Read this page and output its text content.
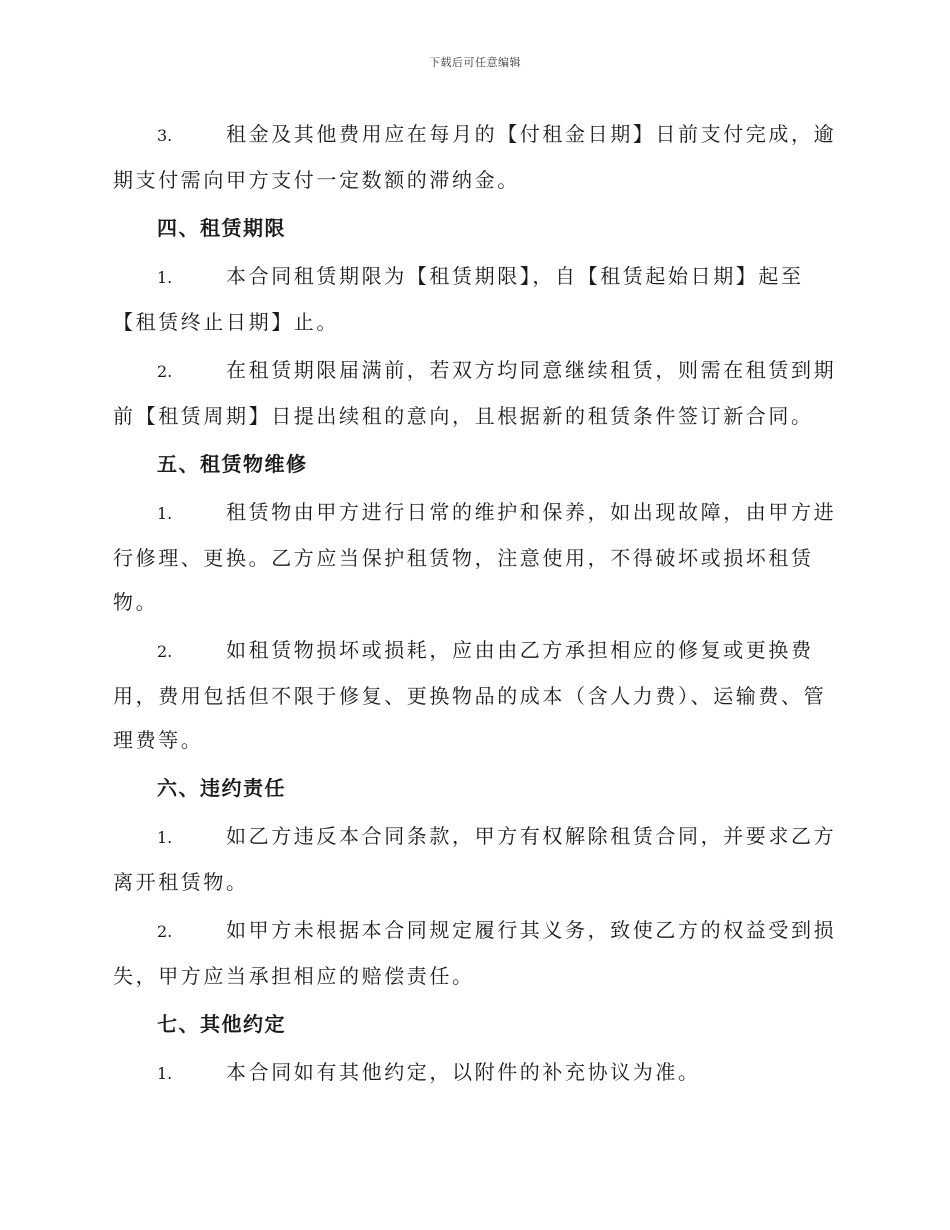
下载后可任意编辑

3.	租金及其他费用应在每月的【付租金日期】日前支付完成，逾期支付需向甲方支付一定数额的滞纳金。

四、租赁期限

1.	本合同租赁期限为【租赁期限】，自【租赁起始日期】起至【租赁终止日期】止。

2.	在租赁期限届满前，若双方均同意继续租赁，则需在租赁到期前【租赁周期】日提出续租的意向，且根据新的租赁条件签订新合同。

五、租赁物维修

1.	租赁物由甲方进行日常的维护和保养，如出现故障，由甲方进行修理、更换。乙方应当保护租赁物，注意使用，不得破坏或损坏租赁物。

2.	如租赁物损坏或损耗，应由由乙方承担相应的修复或更换费用，费用包括但不限于修复、更换物品的成本（含人力费）、运输费、管理费等。

六、违约责任

1.	如乙方违反本合同条款，甲方有权解除租赁合同，并要求乙方离开租赁物。

2.	如甲方未根据本合同规定履行其义务，致使乙方的权益受到损失，甲方应当承担相应的赔偿责任。

七、其他约定

1.	本合同如有其他约定，以附件的补充协议为准。
